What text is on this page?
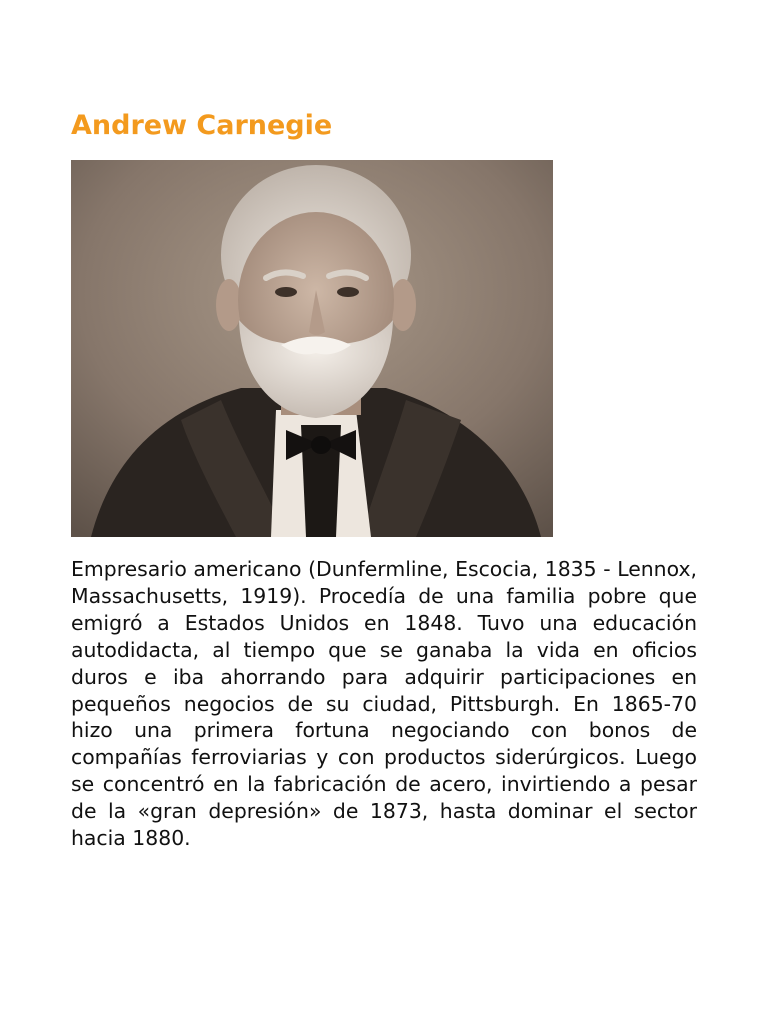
Andrew Carnegie

Empresario americano (Dunfermline, Escocia, 1835 - Lennox, Massachusetts, 1919). Procedía de una familia pobre que emigró a Estados Unidos en 1848. Tuvo una educación autodidacta, al tiempo que se ganaba la vida en oficios duros e iba ahorrando para adquirir participaciones en pequeños negocios de su ciudad, Pittsburgh. En 1865-70 hizo una primera fortuna negociando con bonos de compañías ferroviarias y con productos siderúrgicos. Luego se concentró en la fabricación de acero, invirtiendo a pesar de la «gran depresión» de 1873, hasta dominar el sector hacia 1880.
